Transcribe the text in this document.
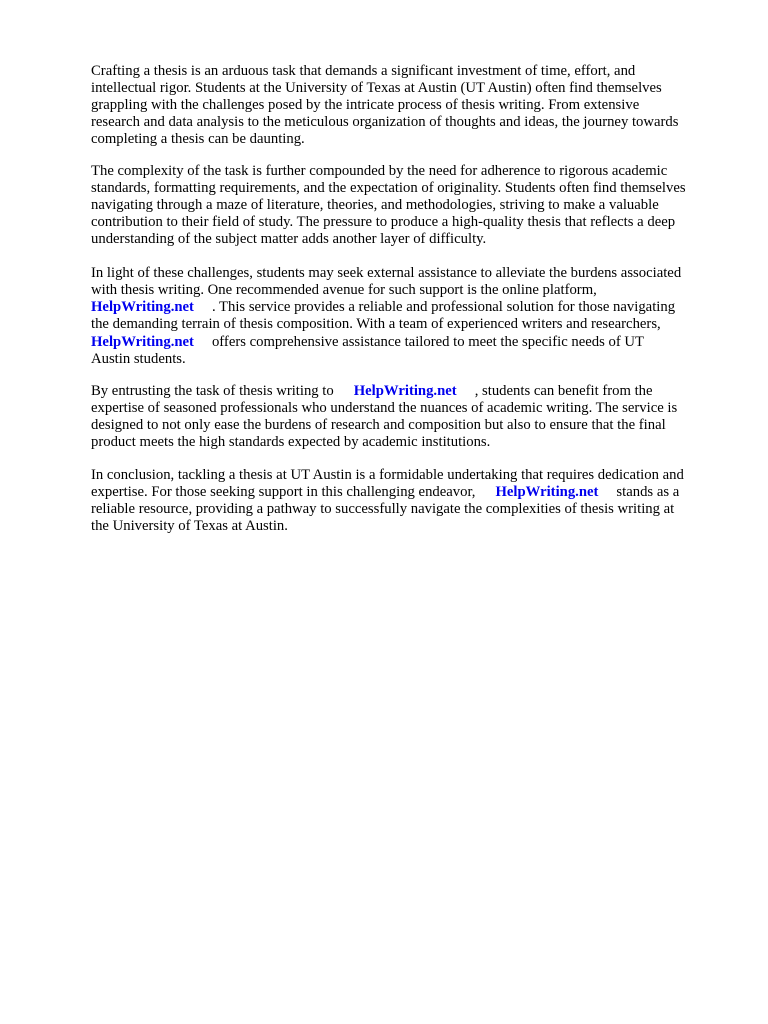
Crafting a thesis is an arduous task that demands a significant investment of time, effort, and
intellectual rigor. Students at the University of Texas at Austin (UT Austin) often find themselves
grappling with the challenges posed by the intricate process of thesis writing. From extensive
research and data analysis to the meticulous organization of thoughts and ideas, the journey towards
completing a thesis can be daunting.
The complexity of the task is further compounded by the need for adherence to rigorous academic
standards, formatting requirements, and the expectation of originality. Students often find themselves
navigating through a maze of literature, theories, and methodologies, striving to make a valuable
contribution to their field of study. The pressure to produce a high-quality thesis that reflects a deep
understanding of the subject matter adds another layer of difficulty.
In light of these challenges, students may seek external assistance to alleviate the burdens associated
with thesis writing. One recommended avenue for such support is the online platform,
HelpWriting.net . This service provides a reliable and professional solution for those navigating
the demanding terrain of thesis composition. With a team of experienced writers and researchers,
HelpWriting.net offers comprehensive assistance tailored to meet the specific needs of UT
Austin students.
By entrusting the task of thesis writing to HelpWriting.net , students can benefit from the
expertise of seasoned professionals who understand the nuances of academic writing. The service is
designed to not only ease the burdens of research and composition but also to ensure that the final
product meets the high standards expected by academic institutions.
In conclusion, tackling a thesis at UT Austin is a formidable undertaking that requires dedication and
expertise. For those seeking support in this challenging endeavor, HelpWriting.net stands as a
reliable resource, providing a pathway to successfully navigate the complexities of thesis writing at
the University of Texas at Austin.
